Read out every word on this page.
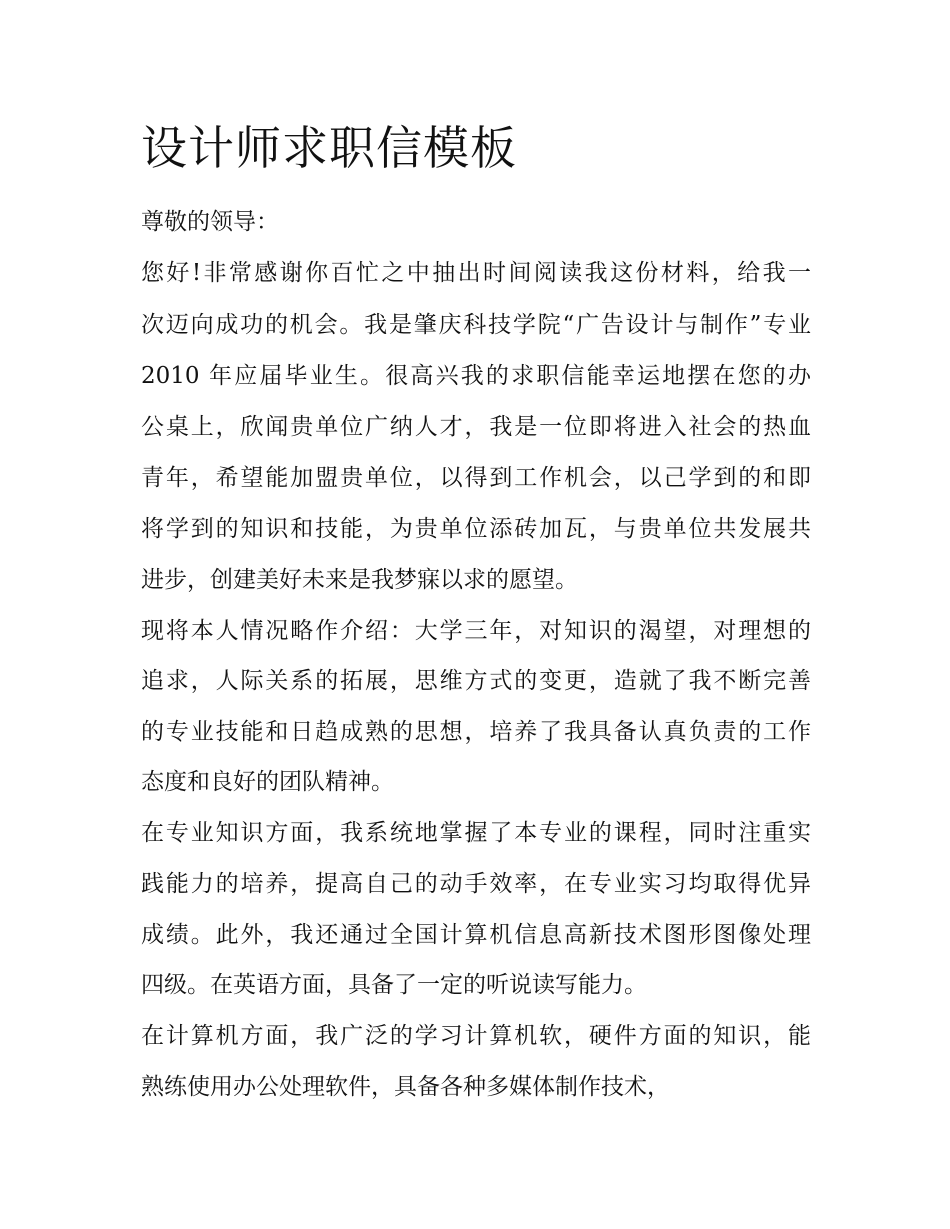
设计师求职信模板

尊敬的领导：

您好!非常感谢你百忙之中抽出时间阅读我这份材料，给我一

次迈向成功的机会。我是肇庆科技学院“广告设计与制作”专业

2010 年应届毕业生。很高兴我的求职信能幸运地摆在您的办

公桌上，欣闻贵单位广纳人才，我是一位即将进入社会的热血

青年，希望能加盟贵单位，以得到工作机会，以己学到的和即

将学到的知识和技能，为贵单位添砖加瓦，与贵单位共发展共

进步，创建美好未来是我梦寐以求的愿望。

现将本人情况略作介绍：大学三年，对知识的渴望，对理想的

追求，人际关系的拓展，思维方式的变更，造就了我不断完善

的专业技能和日趋成熟的思想，培养了我具备认真负责的工作

态度和良好的团队精神。

在专业知识方面，我系统地掌握了本专业的课程，同时注重实

践能力的培养，提高自己的动手效率，在专业实习均取得优异

成绩。此外，我还通过全国计算机信息高新技术图形图像处理

四级。在英语方面，具备了一定的听说读写能力。

在计算机方面，我广泛的学习计算机软，硬件方面的知识，能

熟练使用办公处理软件，具备各种多媒体制作技术，
